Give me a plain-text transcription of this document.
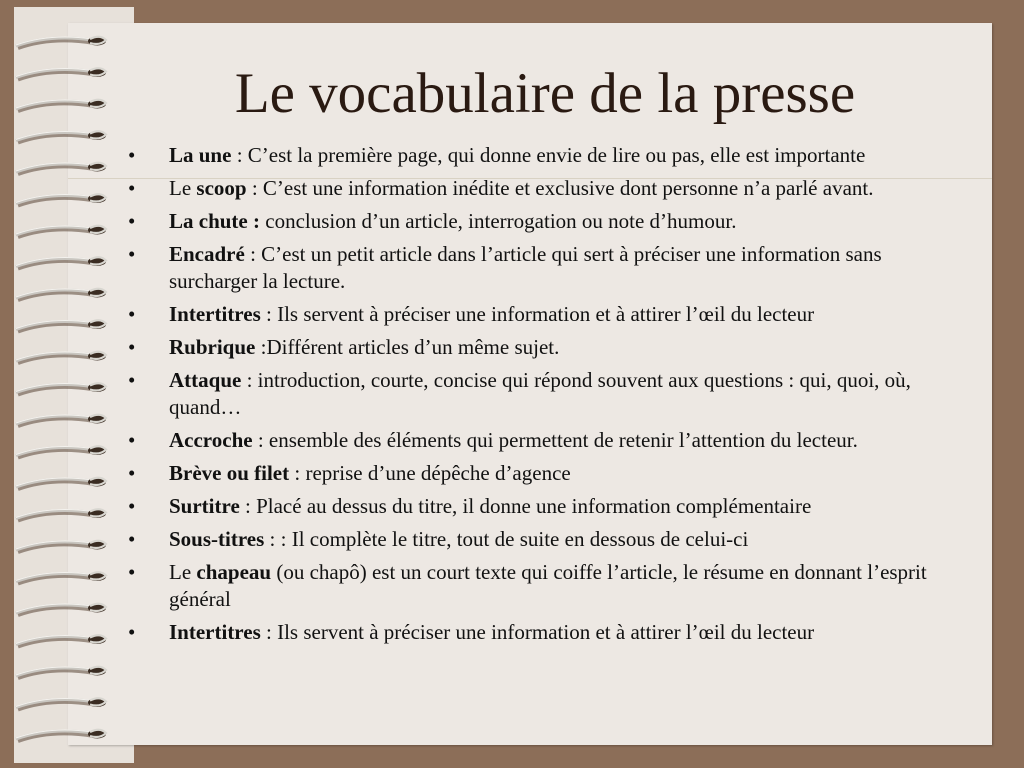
Le vocabulaire de la presse
• La une : C’est la première page, qui donne envie de lire ou pas, elle est importante
• Le scoop : C’est une information inédite et exclusive dont personne n’a parlé avant.
• La chute : conclusion d’un article, interrogation ou note d’humour.
• Encadré : C’est un petit article dans l’article qui sert à préciser une information sans surcharger la lecture.
• Intertitres : Ils servent à préciser une information et à attirer l’œil du lecteur
• Rubrique :Différent articles d’un même sujet.
• Attaque : introduction, courte, concise qui répond souvent aux questions : qui, quoi, où, quand…
• Accroche : ensemble des éléments qui permettent de retenir l’attention du lecteur.
• Brève ou filet : reprise d’une dépêche d’agence
• Surtitre : Placé au dessus du titre, il donne une information complémentaire
• Sous-titres : : Il complète le titre, tout de suite en dessous de celui-ci
• Le chapeau (ou chapô) est un court texte qui coiffe l’article, le résume en donnant l’esprit général
• Intertitres : Ils servent à préciser une information et à attirer l’œil du lecteur
